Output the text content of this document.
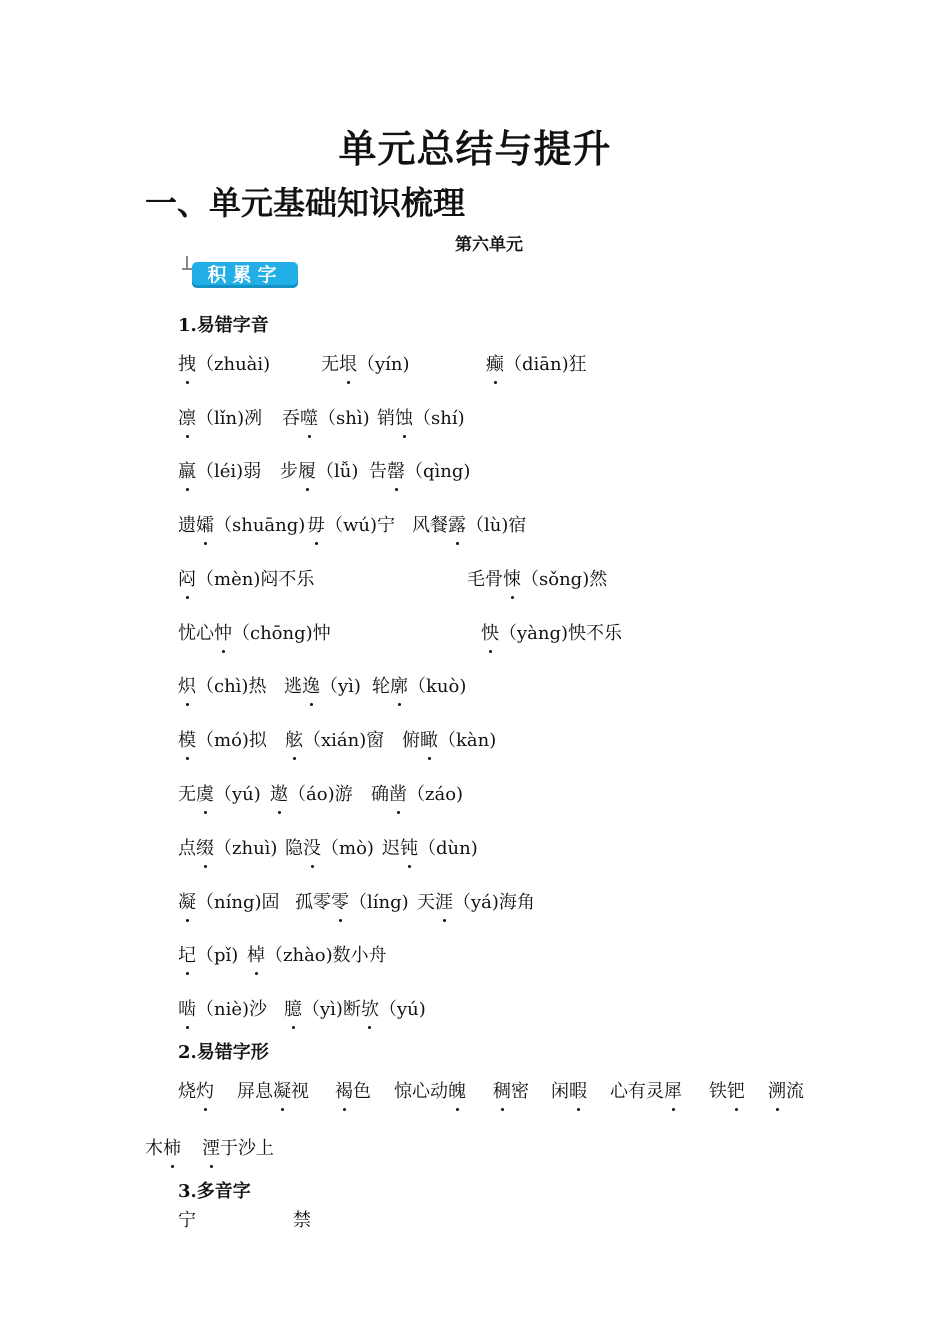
单元总结与提升
一、单元基础知识梳理
第六单元
积累字
1.易错字音
拽（zhuài)	无垠（yín)	癫（diān)狂
凛（lǐn)冽 吞噬（shì) 销蚀（shí)
羸（léi)弱 步履（lǚ) 告罄（qìng)
遗孀（shuāng) 毋（wú)宁 风餐露（lù)宿
闷（mèn)闷不乐	毛骨悚（sǒng)然
忧心忡（chōng)忡	怏（yàng)怏不乐
炽（chì)热 逃逸（yì) 轮廓（kuò)
模（mó)拟 舷（xián)窗 俯瞰（kàn)
无虞（yú) 遨（áo)游 确凿（záo)
点缀（zhuì) 隐没（mò) 迟钝（dùn)
凝（níng)固 孤零零（líng) 天涯（yá)海角
圮（pǐ) 棹（zhào)数小舟
啮（niè)沙 臆（yì)断欤（yú)
2.易错字形
烧灼 屏息凝视 褐色 惊心动魄 稠密 闲暇 心有灵犀 铁钯 溯流
木柿 湮于沙上
3.多音字
宁	禁
